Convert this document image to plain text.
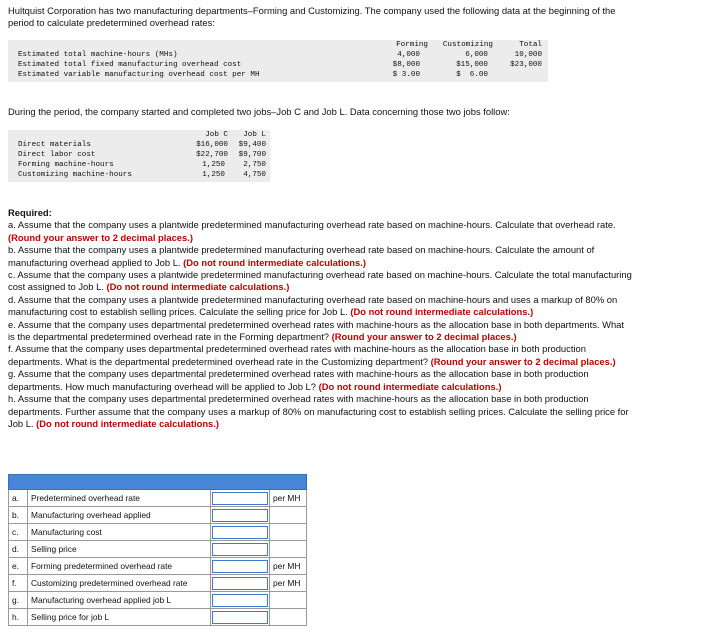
Hultquist Corporation has two manufacturing departments–Forming and Customizing. The company used the following data at the beginning of the period to calculate predetermined overhead rates:
Forming	Customizing	Total
Estimated total machine-hours (MHs)	4,000	6,000	10,000
Estimated total fixed manufacturing overhead cost	$8,000	$15,000	$23,000
Estimated variable manufacturing overhead cost per MH	$ 3.00	$  6.00
During the period, the company started and completed two jobs–Job C and Job L. Data concerning those two jobs follow:
Job C	Job L
Direct materials	$16,000	$9,400
Direct labor cost	$22,700	$9,700
Forming machine-hours	1,250	2,750
Customizing machine-hours	1,250	4,750
Required:
a. Assume that the company uses a plantwide predetermined manufacturing overhead rate based on machine-hours. Calculate that overhead rate. (Round your answer to 2 decimal places.)
b. Assume that the company uses a plantwide predetermined manufacturing overhead rate based on machine-hours. Calculate the amount of manufacturing overhead applied to Job L. (Do not round intermediate calculations.)
c. Assume that the company uses a plantwide predetermined manufacturing overhead rate based on machine-hours. Calculate the total manufacturing cost assigned to Job L. (Do not round intermediate calculations.)
d. Assume that the company uses a plantwide predetermined manufacturing overhead rate based on machine-hours and uses a markup of 80% on manufacturing cost to establish selling prices. Calculate the selling price for Job L. (Do not round intermediate calculations.)
e. Assume that the company uses departmental predetermined overhead rates with machine-hours as the allocation base in both departments. What is the departmental predetermined overhead rate in the Forming department? (Round your answer to 2 decimal places.)
f. Assume that the company uses departmental predetermined overhead rates with machine-hours as the allocation base in both production departments. What is the departmental predetermined overhead rate in the Customizing department? (Round your answer to 2 decimal places.)
g. Assume that the company uses departmental predetermined overhead rates with machine-hours as the allocation base in both production departments. How much manufacturing overhead will be applied to Job L? (Do not round intermediate calculations.)
h. Assume that the company uses departmental predetermined overhead rates with machine-hours as the allocation base in both production departments. Further assume that the company uses a markup of 80% on manufacturing cost to establish selling prices. Calculate the selling price for Job L. (Do not round intermediate calculations.)

a.	Predetermined overhead rate		per MH
b.	Manufacturing overhead applied	

c.	Manufacturing cost	

d.	Selling price	

e.	Forming predetermined overhead rate		per MH
f.	Customizing predetermined overhead rate		per MH
g.	Manufacturing overhead applied job L	

h.	Selling price for job L	
